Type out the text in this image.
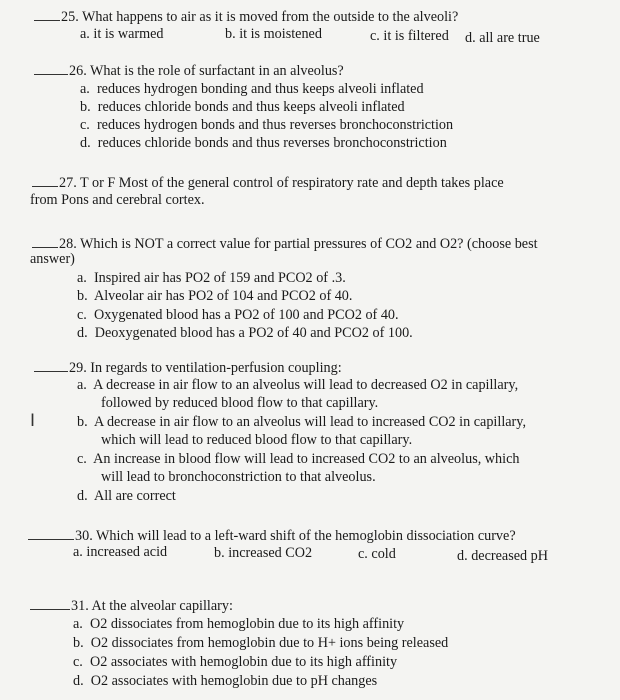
25. What happens to air as it is moved from the outside to the alveoli?
a. it is warmed	b. it is moistened	c. it is filtered d. all are true
26. What is the role of surfactant in an alveolus?
a. reduces hydrogen bonding and thus keeps alveoli inflated
b. reduces chloride bonds and thus keeps alveoli inflated
c. reduces hydrogen bonds and thus reverses bronchoconstriction
d. reduces chloride bonds and thus reverses bronchoconstriction
27. T or F Most of the general control of respiratory rate and depth takes place
from Pons and cerebral cortex.
28. Which is NOT a correct value for partial pressures of CO2 and O2? (choose best
answer)
a. Inspired air has PO2 of 159 and PCO2 of .3.
b. Alveolar air has PO2 of 104 and PCO2 of 40.
c. Oxygenated blood has a PO2 of 100 and PCO2 of 40.
d. Deoxygenated blood has a PO2 of 40 and PCO2 of 100.
29. In regards to ventilation-perfusion coupling:
a. A decrease in air flow to an alveolus will lead to decreased O2 in capillary,
followed by reduced blood flow to that capillary.
I	b. A decrease in air flow to an alveolus will lead to increased CO2 in capillary,
which will lead to reduced blood flow to that capillary.
c. An increase in blood flow will lead to increased CO2 to an alveolus, which
will lead to bronchoconstriction to that alveolus.
d. All are correct
30. Which will lead to a left-ward shift of the hemoglobin dissociation curve?
a. increased acid	b. increased CO2	c. cold	d. decreased pH
31. At the alveolar capillary:
a. O2 dissociates from hemoglobin due to its high affinity
b. O2 dissociates from hemoglobin due to H+ ions being released
c. O2 associates with hemoglobin due to its high affinity
d. O2 associates with hemoglobin due to pH changes
